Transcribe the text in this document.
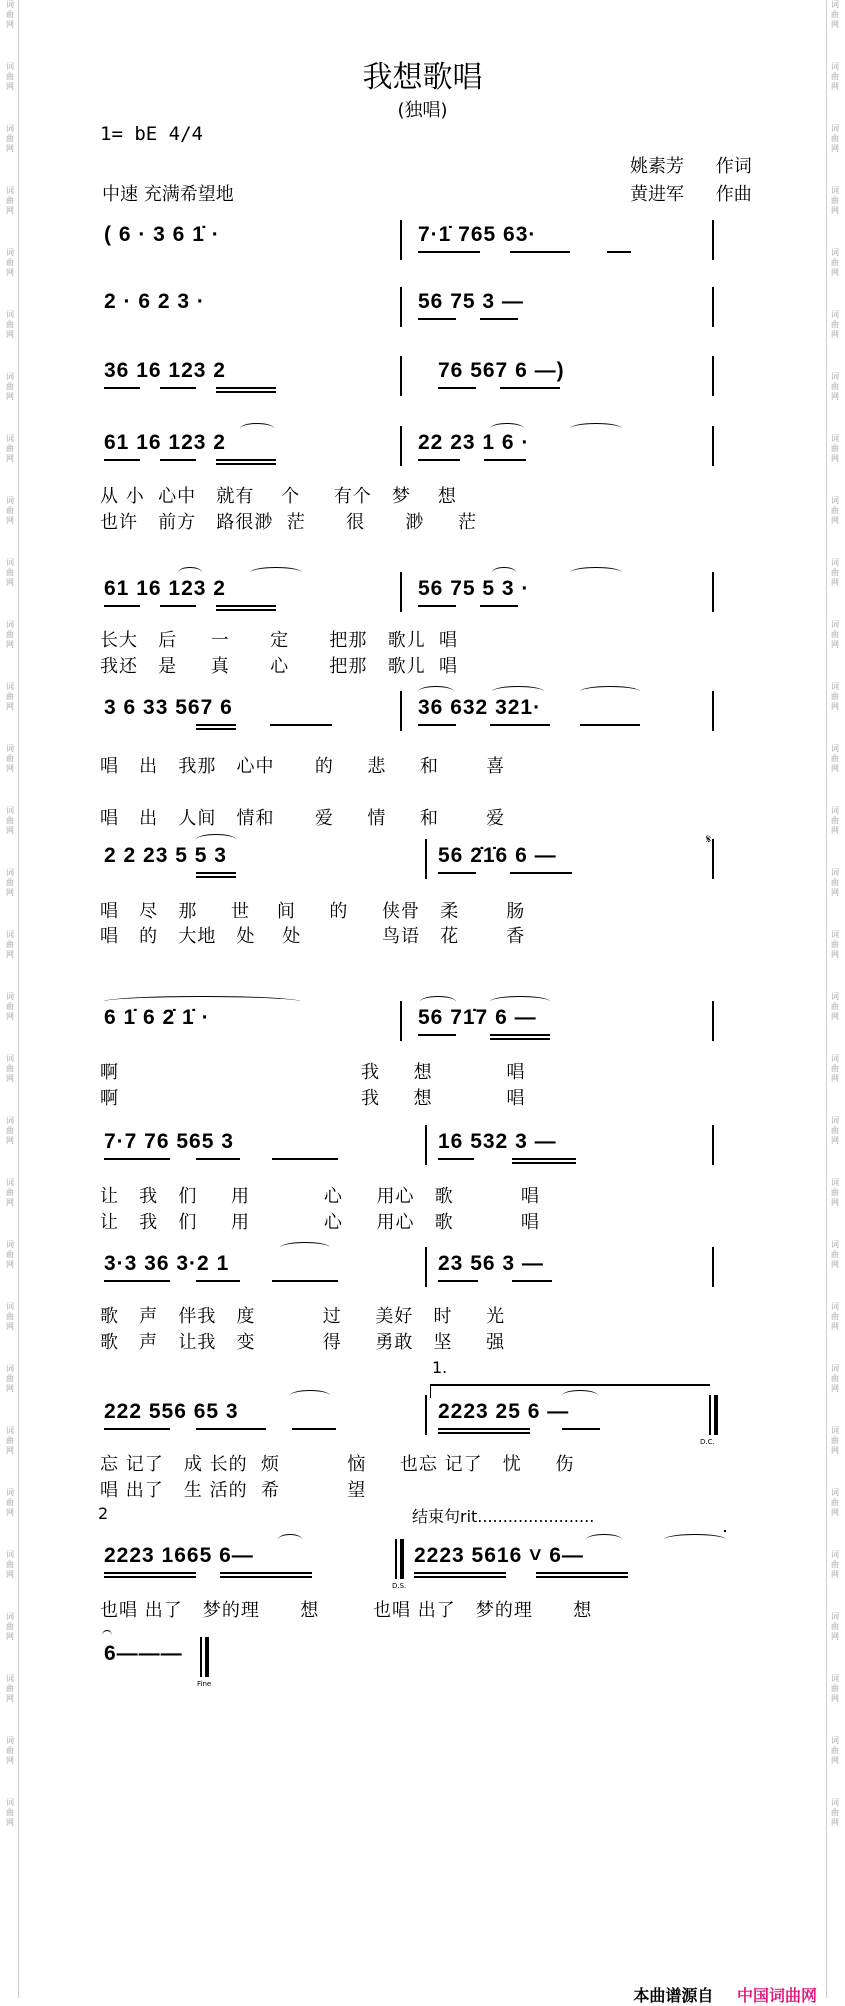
词
曲
网
词
曲
网
词
曲
网
词
曲
网
词
曲
网
词
曲
网
词
曲
网
词
曲
网
词
曲
网
词
曲
网
词
曲
网
词
曲
网
词
曲
网
词
曲
网
词
曲
网
词
曲
网
词
曲
网
词
曲
网
词
曲
网
词
曲
网
词
曲
网
词
曲
网
词
曲
网
词
曲
网
词
曲
网
词
曲
网
词
曲
网
词
曲
网
词
曲
网
词
曲
网
词
曲
网
词
曲
网
词
曲
网
词
曲
网
词
曲
网
词
曲
网
词
曲
网
词
曲
网
词
曲
网
词
曲
网
词
曲
网
词
曲
网
词
曲
网
词
曲
网
词
曲
网
词
曲
网
词
曲
网
词
曲
网
词
曲
网
词
曲
网
词
曲
网
词
曲
网
词
曲
网
词
曲
网
词
曲
网
词
曲
网
词
曲
网
词
曲
网
词
曲
网
词
曲
网
我想歌唱
(独唱)
1= bE 4/4
姚素芳 作词
黄进军 作曲
中速 充满希望地
( 6 · 3 6 1̇ ·	7·1̇ 765 63·
2 · 6 2 3 ·	56 75 3 —
36 16 123 2	76 567 6 —)
61 16 123 2	22 23 1 6 ·
从 小  心中   就有    个     有个   梦    想
也许   前方   路很渺  茫      很      渺     茫
61 16 123 2	56 75 5 3 ·
长大   后     一      定      把那   歌儿  唱
我还   是     真      心      把那   歌儿  唱
3 6 33 567 6	36 632 321·
唱   出   我那   心中      的     悲     和       喜
唱   出   人间   情和      爱     情     和       爱
2 2 23 5 5 3	56 2̇1̇6 6 —
𝄋
唱   尽   那     世    间     的     侠骨   柔       肠
唱   的   大地   处    处            鸟语   花       香
6 1̇ 6 2̇ 1̇ ·	56 71̇7 6 —
啊                                    我     想           唱
啊                                    我     想           唱
7·7 76 565 3	16 532 3 —
让   我   们     用           心     用心   歌          唱
让   我   们     用           心     用心   歌          唱
3·3 36 3·2 1	23 56 3 —
歌   声   伴我   度          过     美好   时     光
歌   声   让我   变          得     勇敢   坚     强
1.
222 556 65 3	2223 25 6 —
D.C.
忘 记了   成 长的  烦          恼     也忘 记了   忧     伤
唱 出了   生 活的  希          望
2	结束句rit.......................
2223 1665 6—
D.S.
2223 5616 ˅ 6—
也唱 出了   梦的理      想        也唱 出了   梦的理      想
6———
Fine
本曲谱源自 中国词曲网
